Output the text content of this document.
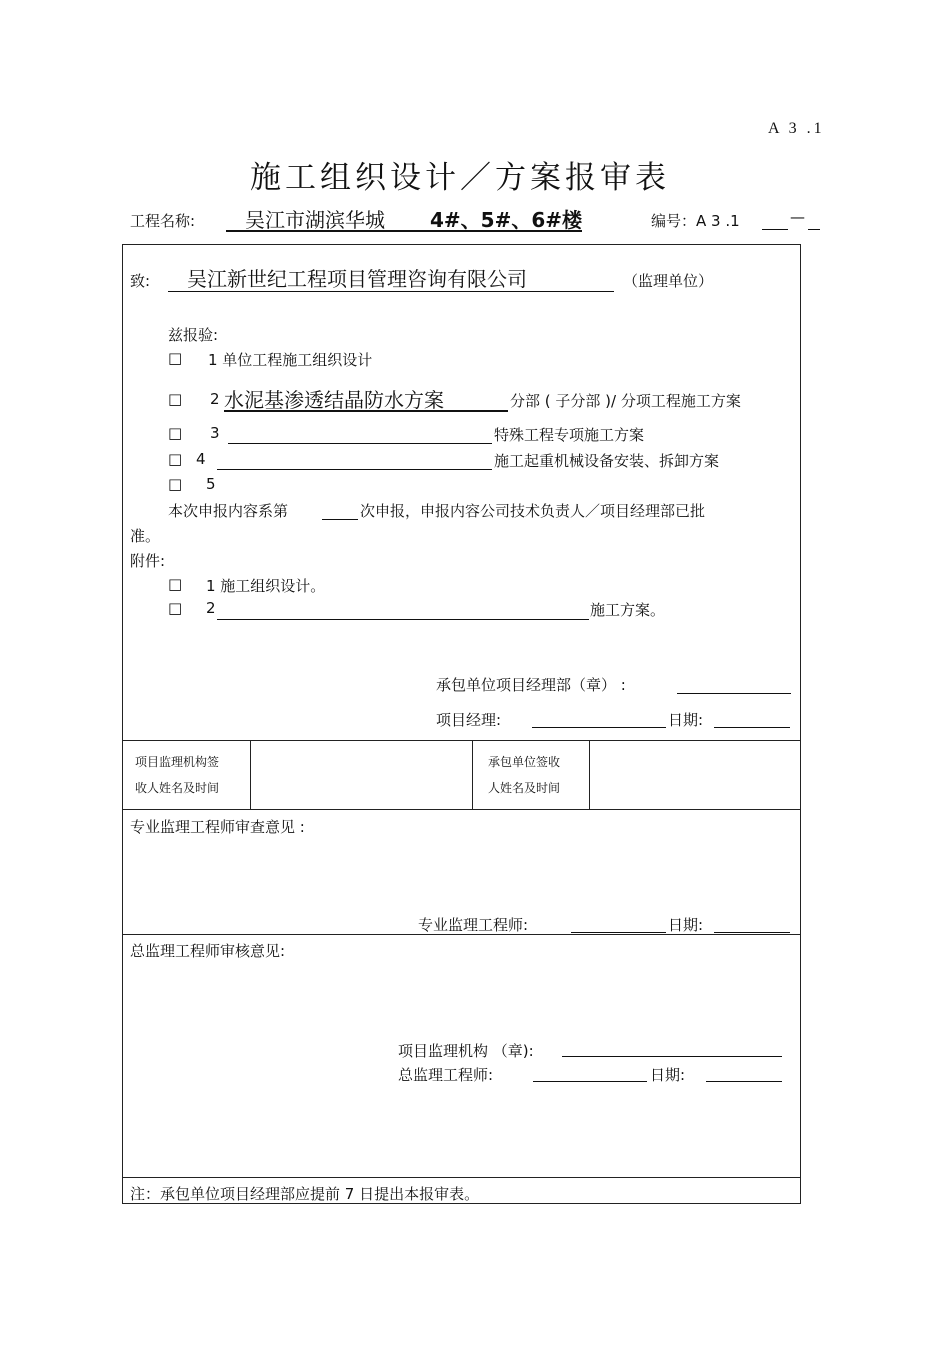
A 3 .1
施工组织设计／方案报审表
工程名称: 吴江市湖滨华城 4#、5#、6#楼	编号：A 3 .1	—
致: 吴江新世纪工程项目管理咨询有限公司	（监理单位）
兹报验:
□ 1 单位工程施工组织设计
□ 2 水泥基渗透结晶防水方案	分部 ( 子分部 )/ 分项工程施工方案
□ 3	特殊工程专项施工方案
□ 4	施工起重机械设备安装、拆卸方案
□ 5
本次申报内容系第	次申报，申报内容公司技术负责人／项目经理部已批
准。
附件:
□ 1 施工组织设计。
□ 2	施工方案。
承包单位项目经理部（章） :
项目经理:	日期:
项目监理机构签
收人姓名及时间
承包单位签收
人姓名及时间
专业监理工程师审查意见 :
专业监理工程师:	日期:
总监理工程师审核意见:
项目监理机构 （章):
总监理工程师:	日期:
注：承包单位项目经理部应提前 7 日提出本报审表。
